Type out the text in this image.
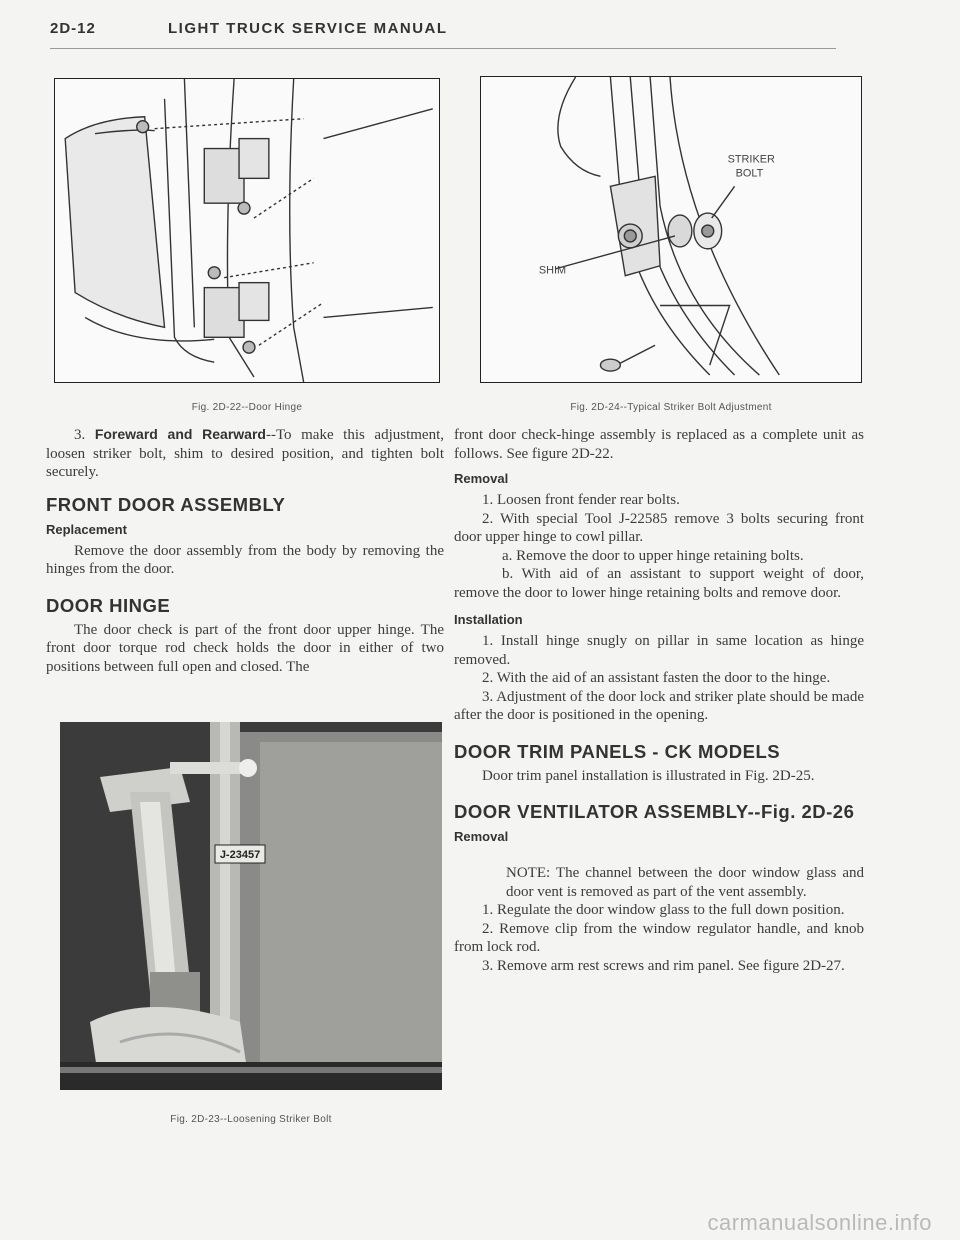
2D-12	LIGHT TRUCK SERVICE MANUAL
Fig. 2D-22--Door Hinge
STRIKER
BOLT
SHIM
Fig. 2D-24--Typical Striker Bolt Adjustment

3. Foreward and Rearward--To make this adjustment, loosen striker bolt, shim to desired position, and tighten bolt securely.

FRONT DOOR ASSEMBLY
Replacement

Remove the door assembly from the body by removing the hinges from the door.

DOOR HINGE

The door check is part of the front door upper hinge. The front door torque rod check holds the door in either of two positions between full open and closed. The

J-23457
Fig. 2D-23--Loosening Striker Bolt

front door check-hinge assembly is replaced as a complete unit as follows. See figure 2D-22.

Removal

1. Loosen front fender rear bolts.

2. With special Tool J-22585 remove 3 bolts securing front door upper hinge to cowl pillar.

a. Remove the door to upper hinge retaining bolts.

b. With aid of an assistant to support weight of door, remove the door to lower hinge retaining bolts and remove door.

Installation

1. Install hinge snugly on pillar in same location as hinge removed.

2. With the aid of an assistant fasten the door to the hinge.

3. Adjustment of the door lock and striker plate should be made after the door is positioned in the opening.

DOOR TRIM PANELS - CK MODELS

Door trim panel installation is illustrated in Fig. 2D-25.

DOOR VENTILATOR ASSEMBLY--Fig. 2D-26
Removal

NOTE: The channel between the door window glass and door vent is removed as part of the vent assembly.

1. Regulate the door window glass to the full down position.

2. Remove clip from the window regulator handle, and knob from lock rod.

3. Remove arm rest screws and rim panel. See figure 2D-27.

carmanualsonline.info
